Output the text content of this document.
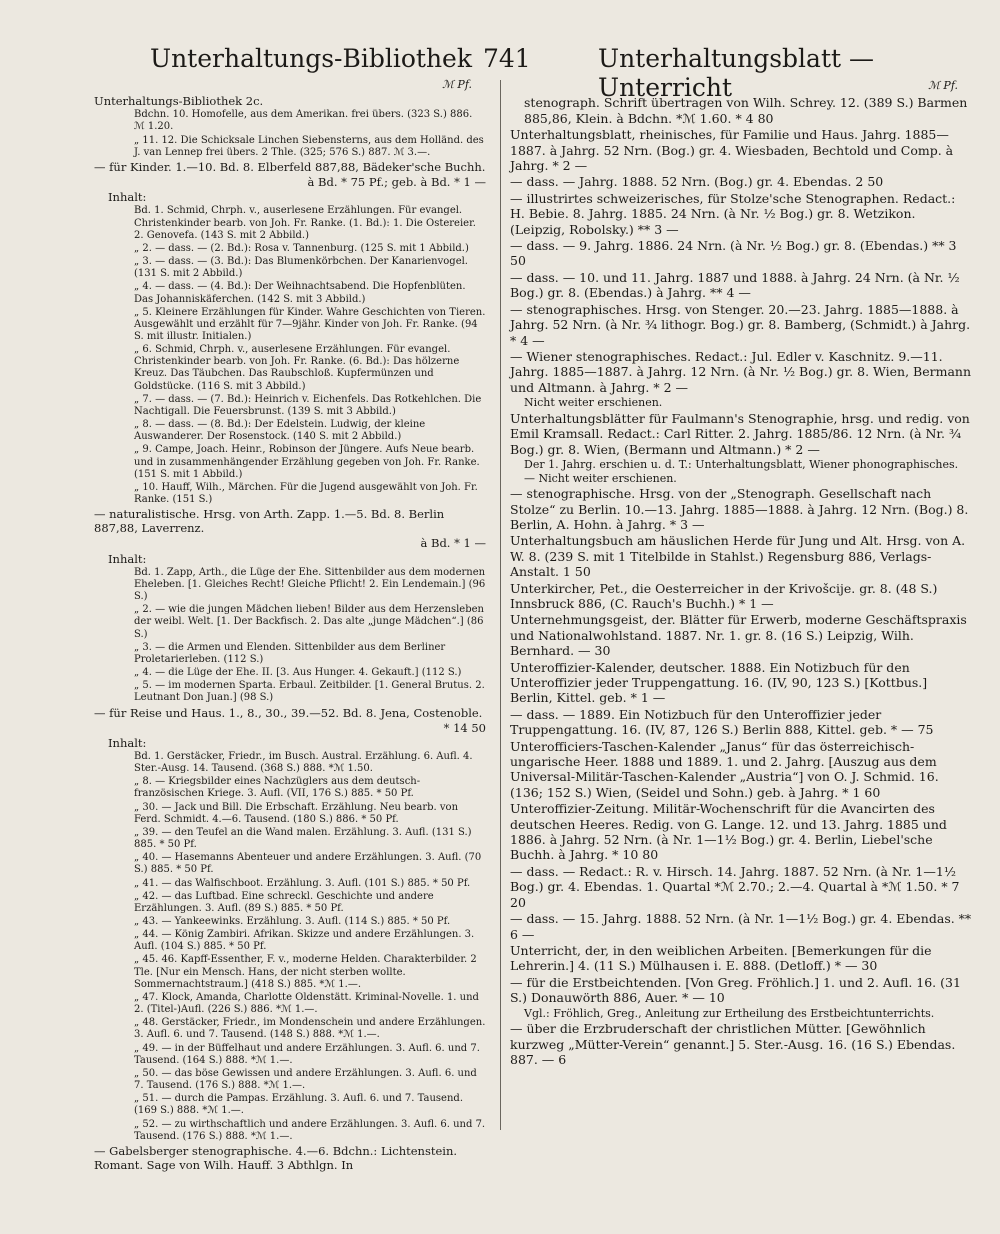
Unterhaltungs-Bibliothek 741	Unterhaltungsblatt — Unterricht
ℳ Pf.
Unterhaltungs-Bibliothek 2c.
Bdchn. 10. Homofelle, aus dem Amerikan. frei übers. (323 S.) 886. ℳ 1.20.
„ 11. 12. Die Schicksale Linchen Siebensterns, aus dem Holländ. des J. van Lennep frei übers. 2 Thle. (325; 576 S.) 887. ℳ 3.—.
— für Kinder. 1.—10. Bd. 8. Elberfeld 887,88, Bädeker'sche Buchh.
à Bd. * 75 Pf.; geb. à Bd. * 1 —
Inhalt:
Bd. 1. Schmid, Chrph. v., auserlesene Erzählungen. Für evangel. Christenkinder bearb. von Joh. Fr. Ranke. (1. Bd.): 1. Die Ostereier. 2. Genovefa. (143 S. mit 2 Abbild.)
„ 2. — dass. — (2. Bd.): Rosa v. Tannenburg. (125 S. mit 1 Abbild.)
„ 3. — dass. — (3. Bd.): Das Blumenkörbchen. Der Kanarienvogel. (131 S. mit 2 Abbild.)
„ 4. — dass. — (4. Bd.): Der Weihnachtsabend. Die Hopfenblüten. Das Johanniskäferchen. (142 S. mit 3 Abbild.)
„ 5. Kleinere Erzählungen für Kinder. Wahre Geschichten von Tieren. Ausgewählt und erzählt für 7—9jähr. Kinder von Joh. Fr. Ranke. (94 S. mit illustr. Initialen.)
„ 6. Schmid, Chrph. v., auserlesene Erzählungen. Für evangel. Christenkinder bearb. von Joh. Fr. Ranke. (6. Bd.): Das hölzerne Kreuz. Das Täubchen. Das Raubschloß. Kupfermünzen und Goldstücke. (116 S. mit 3 Abbild.)
„ 7. — dass. — (7. Bd.): Heinrich v. Eichenfels. Das Rotkehlchen. Die Nachtigall. Die Feuersbrunst. (139 S. mit 3 Abbild.)
„ 8. — dass. — (8. Bd.): Der Edelstein. Ludwig, der kleine Auswanderer. Der Rosenstock. (140 S. mit 2 Abbild.)
„ 9. Campe, Joach. Heinr., Robinson der Jüngere. Aufs Neue bearb. und in zusammenhängender Erzählung gegeben von Joh. Fr. Ranke. (151 S. mit 1 Abbild.)
„ 10. Hauff, Wilh., Märchen. Für die Jugend ausgewählt von Joh. Fr. Ranke. (151 S.)
— naturalistische. Hrsg. von Arth. Zapp. 1.—5. Bd. 8. Berlin 887,88, Laverrenz.
à Bd. * 1 —
Inhalt:
Bd. 1. Zapp, Arth., die Lüge der Ehe. Sittenbilder aus dem modernen Eheleben. [1. Gleiches Recht! Gleiche Pflicht! 2. Ein Lendemain.] (96 S.)
„ 2. — wie die jungen Mädchen lieben! Bilder aus dem Herzensleben der weibl. Welt. [1. Der Backfisch. 2. Das alte „junge Mädchen“.] (86 S.)
„ 3. — die Armen und Elenden. Sittenbilder aus dem Berliner Proletarierleben. (112 S.)
„ 4. — die Lüge der Ehe. II. [3. Aus Hunger. 4. Gekauft.] (112 S.)
„ 5. — im modernen Sparta. Erbaul. Zeitbilder. [1. General Brutus. 2. Leutnant Don Juan.] (98 S.)
— für Reise und Haus. 1., 8., 30., 39.—52. Bd. 8. Jena, Costenoble.
* 14 50
Inhalt:
Bd. 1. Gerstäcker, Friedr., im Busch. Austral. Erzählung. 6. Aufl. 4. Ster.-Ausg. 14. Tausend. (368 S.) 888. *ℳ 1.50.
„ 8. — Kriegsbilder eines Nachzüglers aus dem deutsch-französischen Kriege. 3. Aufl. (VII, 176 S.) 885. * 50 Pf.
„ 30. — Jack und Bill. Die Erbschaft. Erzählung. Neu bearb. von Ferd. Schmidt. 4.—6. Tausend. (180 S.) 886. * 50 Pf.
„ 39. — den Teufel an die Wand malen. Erzählung. 3. Aufl. (131 S.) 885. * 50 Pf.
„ 40. — Hasemanns Abenteuer und andere Erzählungen. 3. Aufl. (70 S.) 885. * 50 Pf.
„ 41. — das Walfischboot. Erzählung. 3. Aufl. (101 S.) 885. * 50 Pf.
„ 42. — das Luftbad. Eine schreckl. Geschichte und andere Erzählungen. 3. Aufl. (89 S.) 885. * 50 Pf.
„ 43. — Yankeewinks. Erzählung. 3. Aufl. (114 S.) 885. * 50 Pf.
„ 44. — König Zambiri. Afrikan. Skizze und andere Erzählungen. 3. Aufl. (104 S.) 885. * 50 Pf.
„ 45. 46. Kapff-Essenther, F. v., moderne Helden. Charakterbilder. 2 Tle. [Nur ein Mensch. Hans, der nicht sterben wollte. Sommernachtstraum.] (418 S.) 885. *ℳ 1.—.
„ 47. Klock, Amanda, Charlotte Oldenstätt. Kriminal-Novelle. 1. und 2. (Titel-)Aufl. (226 S.) 886. *ℳ 1.—.
„ 48. Gerstäcker, Friedr., im Mondenschein und andere Erzählungen. 3. Aufl. 6. und 7. Tausend. (148 S.) 888. *ℳ 1.—.
„ 49. — in der Büffelhaut und andere Erzählungen. 3. Aufl. 6. und 7. Tausend. (164 S.) 888. *ℳ 1.—.
„ 50. — das böse Gewissen und andere Erzählungen. 3. Aufl. 6. und 7. Tausend. (176 S.) 888. *ℳ 1.—.
„ 51. — durch die Pampas. Erzählung. 3. Aufl. 6. und 7. Tausend. (169 S.) 888. *ℳ 1.—.
„ 52. — zu wirthschaftlich und andere Erzählungen. 3. Aufl. 6. und 7. Tausend. (176 S.) 888. *ℳ 1.—.
— Gabelsberger stenographische. 4.—6. Bdchn.: Lichtenstein. Romant. Sage von Wilh. Hauff. 3 Abthlgn. In
ℳ Pf.
stenograph. Schrift übertragen von Wilh. Schrey. 12. (389 S.) Barmen 885,86, Klein. à Bdchn. *ℳ 1.60. * 4 80
Unterhaltungsblatt, rheinisches, für Familie und Haus. Jahrg. 1885—1887. à Jahrg. 52 Nrn. (Bog.) gr. 4. Wiesbaden, Bechtold und Comp. à Jahrg. * 2 —
— dass. — Jahrg. 1888. 52 Nrn. (Bog.) gr. 4. Ebendas. 2 50
— illustrirtes schweizerisches, für Stolze'sche Stenographen. Redact.: H. Bebie. 8. Jahrg. 1885. 24 Nrn. (à Nr. ½ Bog.) gr. 8. Wetzikon. (Leipzig, Robolsky.) ** 3 —
— dass. — 9. Jahrg. 1886. 24 Nrn. (à Nr. ½ Bog.) gr. 8. (Ebendas.) ** 3 50
— dass. — 10. und 11. Jahrg. 1887 und 1888. à Jahrg. 24 Nrn. (à Nr. ½ Bog.) gr. 8. (Ebendas.) à Jahrg. ** 4 —
— stenographisches. Hrsg. von Stenger. 20.—23. Jahrg. 1885—1888. à Jahrg. 52 Nrn. (à Nr. ¾ lithogr. Bog.) gr. 8. Bamberg, (Schmidt.) à Jahrg. * 4 —
— Wiener stenographisches. Redact.: Jul. Edler v. Kaschnitz. 9.—11. Jahrg. 1885—1887. à Jahrg. 12 Nrn. (à Nr. ½ Bog.) gr. 8. Wien, Bermann und Altmann. à Jahrg. * 2 —
Nicht weiter erschienen.
Unterhaltungsblätter für Faulmann's Stenographie, hrsg. und redig. von Emil Kramsall. Redact.: Carl Ritter. 2. Jahrg. 1885/86. 12 Nrn. (à Nr. ¾ Bog.) gr. 8. Wien, (Bermann und Altmann.) * 2 —
Der 1. Jahrg. erschien u. d. T.: Unterhaltungsblatt, Wiener phonographisches. — Nicht weiter erschienen.
— stenographische. Hrsg. von der „Stenograph. Gesellschaft nach Stolze“ zu Berlin. 10.—13. Jahrg. 1885—1888. à Jahrg. 12 Nrn. (Bog.) 8. Berlin, A. Hohn. à Jahrg. * 3 —
Unterhaltungsbuch am häuslichen Herde für Jung und Alt. Hrsg. von A. W. 8. (239 S. mit 1 Titelbilde in Stahlst.) Regensburg 886, Verlags-Anstalt. 1 50
Unterkircher, Pet., die Oesterreicher in der Krivošcije. gr. 8. (48 S.) Innsbruck 886, (C. Rauch's Buchh.) * 1 —
Unternehmungsgeist, der. Blätter für Erwerb, moderne Geschäftspraxis und Nationalwohlstand. 1887. Nr. 1. gr. 8. (16 S.) Leipzig, Wilh. Bernhard. — 30
Unteroffizier-Kalender, deutscher. 1888. Ein Notizbuch für den Unteroffizier jeder Truppengattung. 16. (IV, 90, 123 S.) [Kottbus.] Berlin, Kittel. geb. * 1 —
— dass. — 1889. Ein Notizbuch für den Unteroffizier jeder Truppengattung. 16. (IV, 87, 126 S.) Berlin 888, Kittel. geb. * — 75
Unterofficiers-Taschen-Kalender „Janus“ für das österreichisch-ungarische Heer. 1888 und 1889. 1. und 2. Jahrg. [Auszug aus dem Universal-Militär-Taschen-Kalender „Austria“] von O. J. Schmid. 16. (136; 152 S.) Wien, (Seidel und Sohn.) geb. à Jahrg. * 1 60
Unteroffizier-Zeitung. Militär-Wochenschrift für die Avancirten des deutschen Heeres. Redig. von G. Lange. 12. und 13. Jahrg. 1885 und 1886. à Jahrg. 52 Nrn. (à Nr. 1—1½ Bog.) gr. 4. Berlin, Liebel'sche Buchh. à Jahrg. * 10 80
— dass. — Redact.: R. v. Hirsch. 14. Jahrg. 1887. 52 Nrn. (à Nr. 1—1½ Bog.) gr. 4. Ebendas. 1. Quartal *ℳ 2.70.; 2.—4. Quartal à *ℳ 1.50. * 7 20
— dass. — 15. Jahrg. 1888. 52 Nrn. (à Nr. 1—1½ Bog.) gr. 4. Ebendas. ** 6 —
Unterricht, der, in den weiblichen Arbeiten. [Bemerkungen für die Lehrerin.] 4. (11 S.) Mülhausen i. E. 888. (Detloff.) * — 30
— für die Erstbeichtenden. [Von Greg. Fröhlich.] 1. und 2. Aufl. 16. (31 S.) Donauwörth 886, Auer. * — 10
Vgl.: Fröhlich, Greg., Anleitung zur Ertheilung des Erstbeichtunterrichts.
— über die Erzbruderschaft der christlichen Mütter. [Gewöhnlich kurzweg „Mütter-Verein“ genannt.] 5. Ster.-Ausg. 16. (16 S.) Ebendas. 887. — 6
